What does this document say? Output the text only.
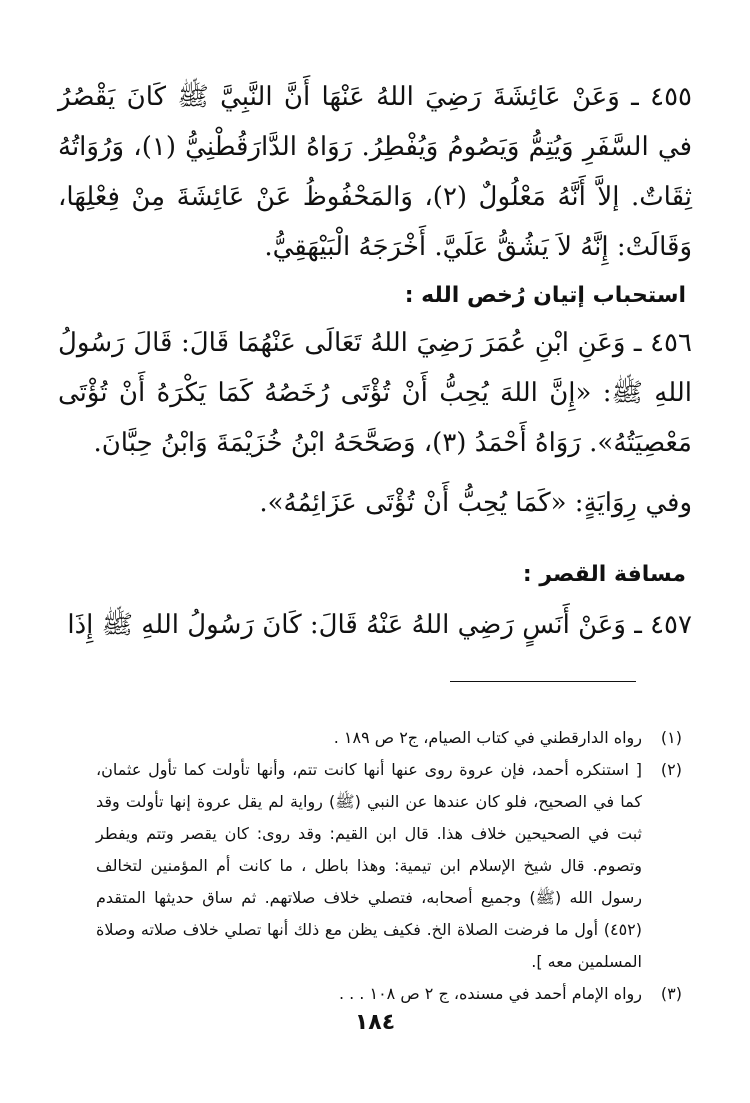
٤٥٥ ـ وَعَنْ عَائِشَةَ رَضِيَ اللهُ عَنْهَا أَنَّ النَّبِيَّ ﷺ كَانَ يَقْصُرُ في السَّفَرِ وَيُتِمُّ وَيَصُومُ وَيُفْطِرُ. رَوَاهُ الدَّارَقُطْنِيُّ (١)، وَرُوَاتُهُ ثِقَاتٌ. إلاَّ أَنَّهُ مَعْلُولٌ (٢)، وَالمَحْفُوظُ عَنْ عَائِشَةَ مِنْ فِعْلِهَا، وَقَالَتْ: إِنَّهُ لاَ يَشُقُّ عَلَيَّ. أَخْرَجَهُ الْبَيْهَقِيُّ.
استحباب إتيان رُخص الله :
٤٥٦ ـ وَعَنِ ابْنِ عُمَرَ رَضِيَ اللهُ تَعَالَى عَنْهُمَا قَالَ: قَالَ رَسُولُ اللهِ ﷺ: «إِنَّ اللهَ يُحِبُّ أَنْ تُؤْتَى رُخَصُهُ كَمَا يَكْرَهُ أَنْ تُؤْتَى مَعْصِيَتُهُ». رَوَاهُ أَحْمَدُ (٣)، وَصَحَّحَهُ ابْنُ خُزَيْمَةَ وَابْنُ حِبَّانَ.
وفي رِوَايَةٍ: «كَمَا يُحِبُّ أَنْ تُؤْتَى عَزَائِمُهُ».
مسافة القصر :
٤٥٧ ـ وَعَنْ أَنَسٍ رَضِي اللهُ عَنْهُ قَالَ: كَانَ رَسُولُ اللهِ ﷺ إِذَا
(١)
رواه الدارقطني في كتاب الصيام، ج٢ ص ١٨٩ .
(٢)
[ استنكره أحمد، فإن عروة روى عنها أنها كانت تتم، وأنها تأولت كما تأول عثمان، كما في الصحيح، فلو كان عندها عن النبي (ﷺ) رواية لم يقل عروة إنها تأولت وقد ثبت في الصحيحين خلاف هذا. قال ابن القيم: وقد روى: كان يقصر وتتم ويفطر وتصوم. قال شيخ الإسلام ابن تيمية: وهذا باطل ، ما كانت أم المؤمنين لتخالف رسول الله (ﷺ) وجميع أصحابه، فتصلي خلاف صلاتهم. ثم ساق حديثها المتقدم (٤٥٢) أول ما فرضت الصلاة الخ. فكيف يظن مع ذلك أنها تصلي خلاف صلاته وصلاة المسلمين معه ].
(٣)
رواه الإمام أحمد في مسنده، ج ٢ ص ١٠٨ . . .
١٨٤
